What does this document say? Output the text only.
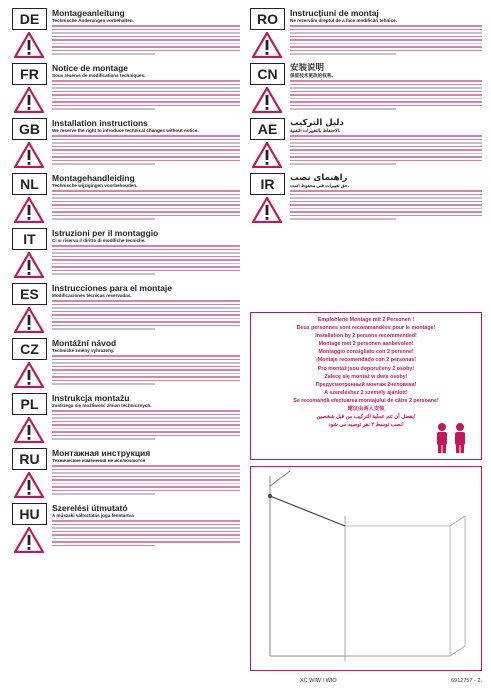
DE	Montageanleitung
Technische Änderungen vorbehalten.
FR	Notice de montage
Sous réserve de modifications techniques.
GB	Installation instructions
We reserve the right to introduce technical changes without notice.
NL	Montagehandleiding
Technische wijzigingen voorbehouden.
IT	Istruzioni per il montaggio
Ci si riserva il diritto di modifiche tecniche.
ES	Instrucciones para el montaje
Modificaciones técnicas reservadas.
CZ	Montážní návod
Technické změny vyhrazeny.
PL	Instrukcja montażu
Zastrzega się możliwość zmian technicznych.
RU	Монтажная инструкция
Технические изменения не исключаются
HU	Szerelési útmutató
A műszaki változtatás joga fenntartva
RO	Instrucțiuni de montaj
Ne rezervăm dreptul de a face modificări tehnice.
CN	安装说明
保留技术更改的权利。
AE	دليل التركيب
الاحتفاظ بالتغييرات التقنية.
IR	راهنمای نصب
حق تغییرات فنی محفوظ است.
Empfohlene Montage mit 2 Personen !
Deux personnes sont recommandées pour le montage!
Installation by 2 persons recommended!
Montage met 2 personen aanbevolen!
Montaggio consigliato con 2 persone!
¡Montaje recomendado con 2 personas!
Pro montáž jsou doporučeny 2 osoby!
Zalecę się montaż w dwie osoby!
Предусмотренный монтаж 2человека!
A szereléshez 2 személy ajánlott!
Se recomandă efectuarea montajului de către 2 persoane!
建议由两人安装
يفضل أن تتم عملية التركيب من قبل شخصين!
نصب توسط ۲ نفر توصیه می شود!
XC WIW / WIO	6912757 - 2.
